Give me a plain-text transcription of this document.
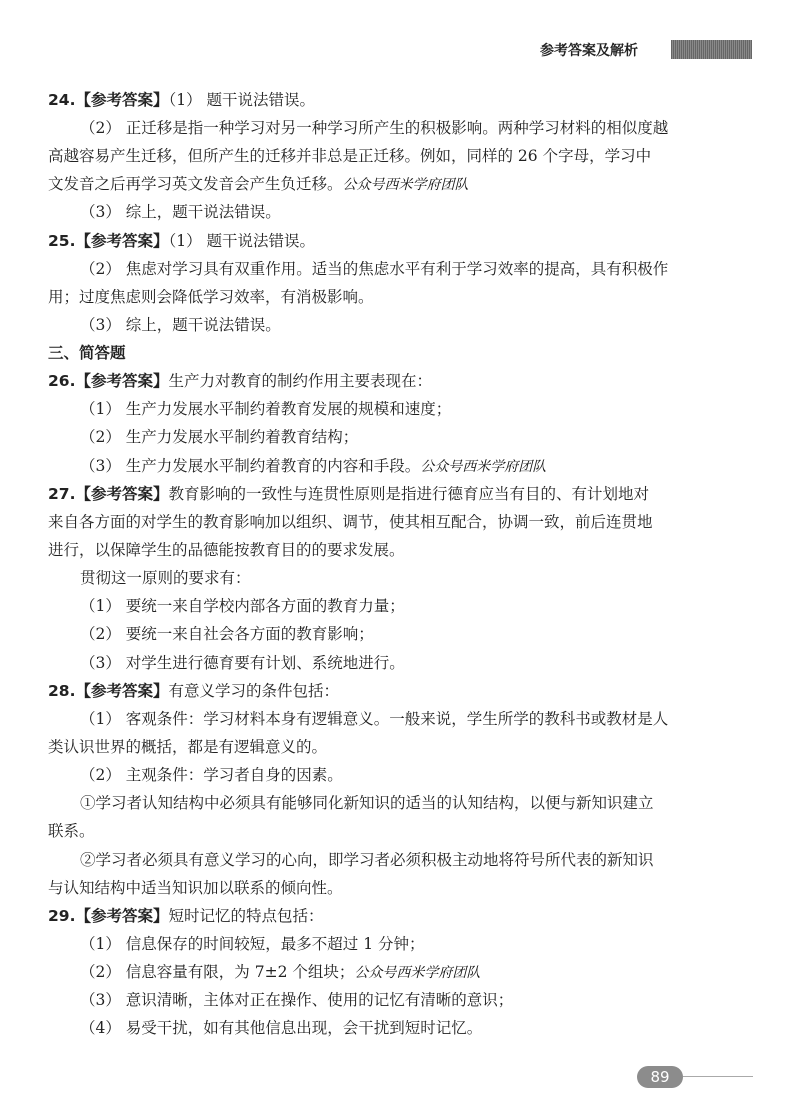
参考答案及解析
24.【参考答案】（1） 题干说法错误。
（2） 正迁移是指一种学习对另一种学习所产生的积极影响。两种学习材料的相似度越
高越容易产生迁移，但所产生的迁移并非总是正迁移。例如，同样的 26 个字母，学习中
文发音之后再学习英文发音会产生负迁移。公众号西米学府团队
（3） 综上，题干说法错误。
25.【参考答案】（1） 题干说法错误。
（2） 焦虑对学习具有双重作用。适当的焦虑水平有利于学习效率的提高，具有积极作
用；过度焦虑则会降低学习效率，有消极影响。
（3） 综上，题干说法错误。
三、简答题
26.【参考答案】生产力对教育的制约作用主要表现在：
（1） 生产力发展水平制约着教育发展的规模和速度；
（2） 生产力发展水平制约着教育结构；
（3） 生产力发展水平制约着教育的内容和手段。公众号西米学府团队
27.【参考答案】教育影响的一致性与连贯性原则是指进行德育应当有目的、有计划地对
来自各方面的对学生的教育影响加以组织、调节，使其相互配合，协调一致，前后连贯地
进行，以保障学生的品德能按教育目的的要求发展。
贯彻这一原则的要求有：
（1） 要统一来自学校内部各方面的教育力量；
（2） 要统一来自社会各方面的教育影响；
（3） 对学生进行德育要有计划、系统地进行。
28.【参考答案】有意义学习的条件包括：
（1） 客观条件：学习材料本身有逻辑意义。一般来说，学生所学的教科书或教材是人
类认识世界的概括，都是有逻辑意义的。
（2） 主观条件：学习者自身的因素。
①学习者认知结构中必须具有能够同化新知识的适当的认知结构，以便与新知识建立
联系。
②学习者必须具有意义学习的心向，即学习者必须积极主动地将符号所代表的新知识
与认知结构中适当知识加以联系的倾向性。
29.【参考答案】短时记忆的特点包括：
（1） 信息保存的时间较短，最多不超过 1 分钟；
（2） 信息容量有限，为 7±2 个组块；公众号西米学府团队
（3） 意识清晰，主体对正在操作、使用的记忆有清晰的意识；
（4） 易受干扰，如有其他信息出现，会干扰到短时记忆。
89
